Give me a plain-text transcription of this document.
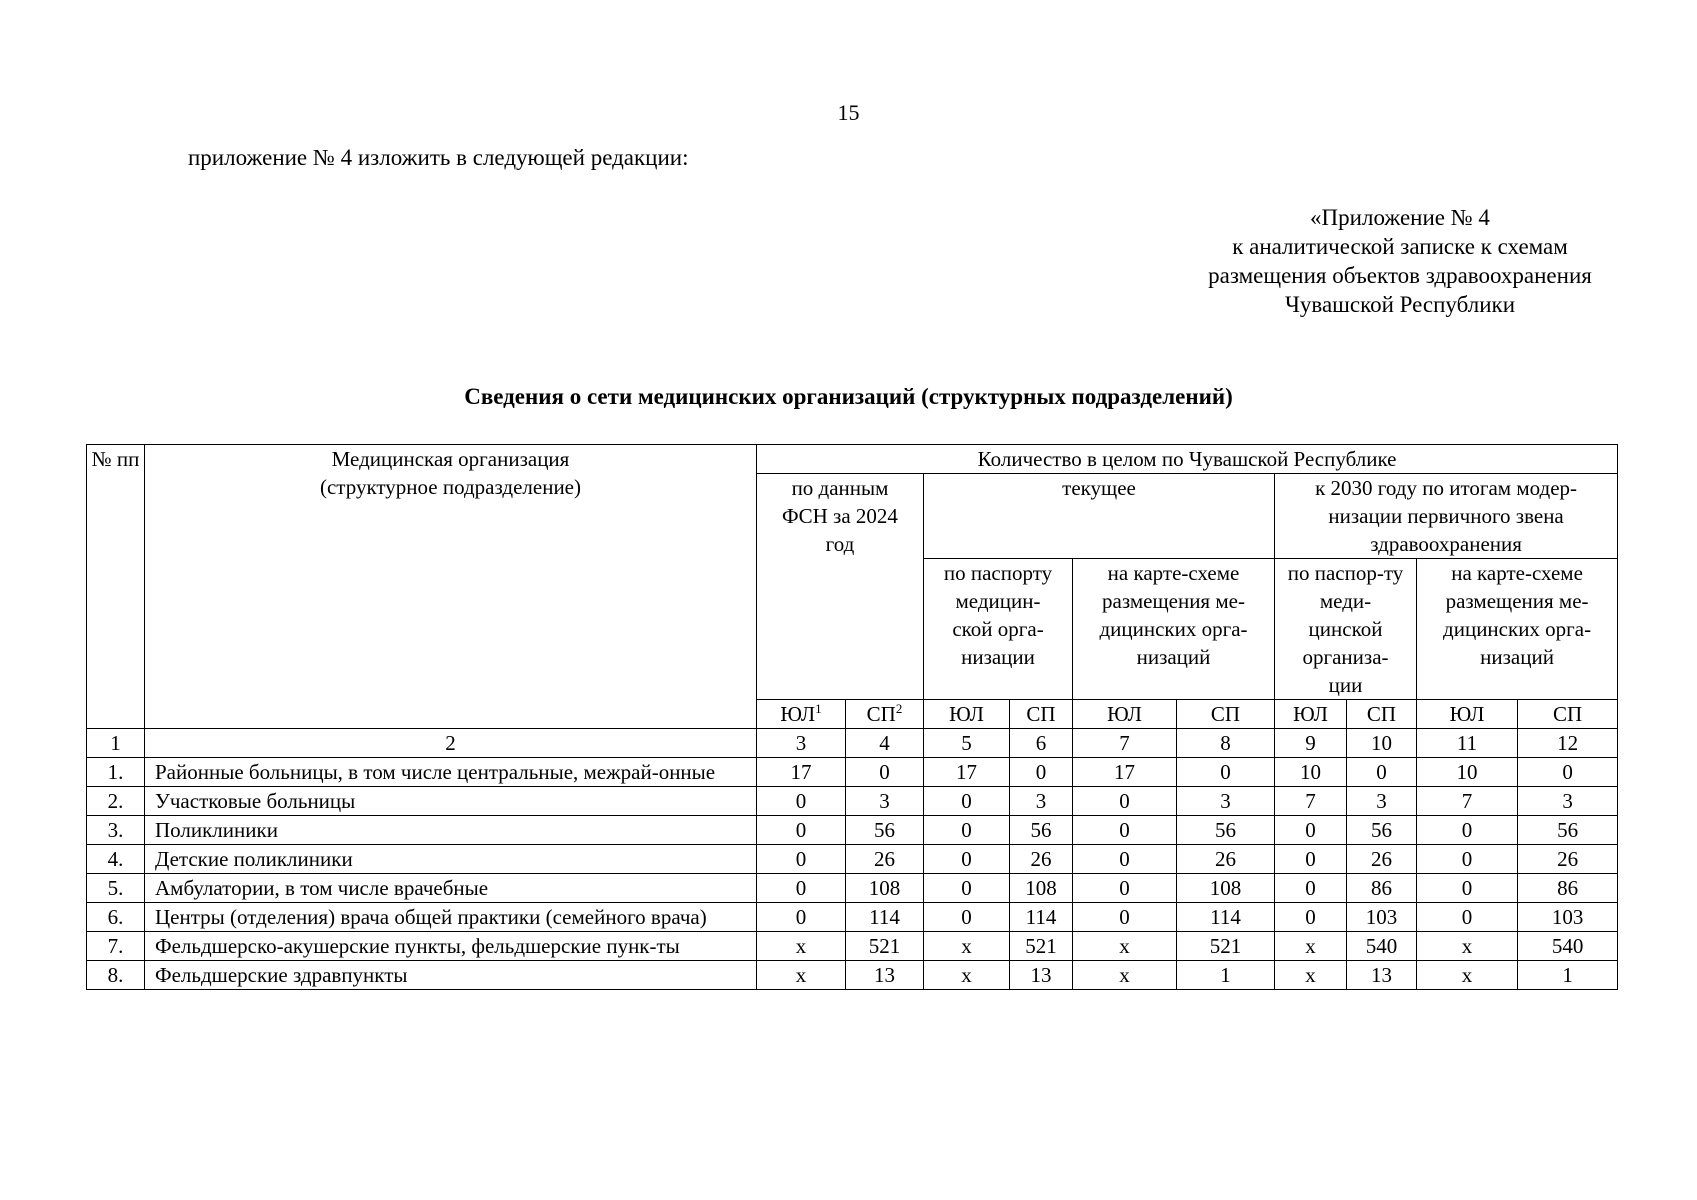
15
приложение № 4 изложить в следующей редакции:
«Приложение № 4
к аналитической записке к схемам
размещения объектов здравоохранения
Чувашской Республики
Сведения о сети медицинских организаций (структурных подразделений)
№ пп	Медицинская организация (структурное подразделение)	Количество в целом по Чувашской Республике									
		по данным ФСН за 2024 год		текущее				к 2030 году по итогам модер-низации первичного звена здравоохранения			
				по паспорту медицин-ской орга-низации		на карте-схеме размещения ме-дицинских орга-низаций		по паспор-ту меди-цинской организа-ции		на карте-схеме размещения ме-дицинских орга-низаций	
		$ЮЛ^1$	$СП^2$	ЮЛ	СП	ЮЛ	СП	ЮЛ	СП	ЮЛ	СП
1	2	3	4	5	6	7	8	9	10	11	12
1.	Районные больницы, в том числе центральные, межрай-онные	17	0	17	0	17	0	10	0	10	0
2.	Участковые больницы	0	3	0	3	0	3	7	3	7	3
3.	Поликлиники	0	56	0	56	0	56	0	56	0	56
4.	Детские поликлиники	0	26	0	26	0	26	0	26	0	26
5.	Амбулатории, в том числе врачебные	0	108	0	108	0	108	0	86	0	86
6.	Центры (отделения) врача общей практики (семейного врача)	0	114	0	114	0	114	0	103	0	103
7.	Фельдшерско-акушерские пункты, фельдшерские пунк-ты	х	521	х	521	х	521	х	540	х	540
8.	Фельдшерские здравпункты	х	13	х	13	х	1	х	13	х	1
